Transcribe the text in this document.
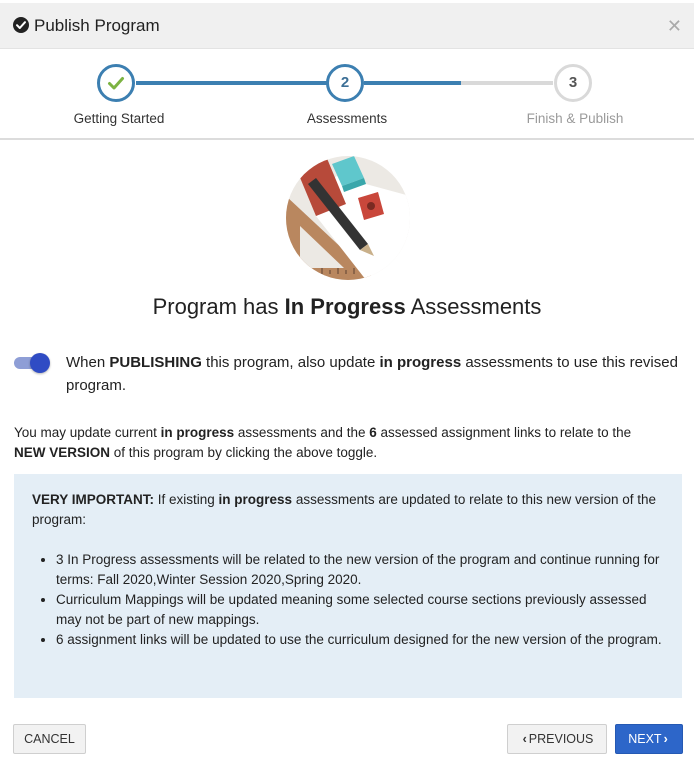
Publish Program	✕
2	3
Getting Started	Assessments	Finish & Publish
Program has In Progress Assessments
When PUBLISHING this program, also update in progress assessments to use this revised
program.
You may update current in progress assessments and the 6 assessed assignment links to relate to the
NEW VERSION of this program by clicking the above toggle.

VERY IMPORTANT: If existing in progress assessments are updated to relate to this new version of the program:

• 3 In Progress assessments will be related to the new version of the program and continue running for terms: Fall 2020,Winter Session 2020,Spring 2020.
• Curriculum Mappings will be updated meaning some selected course sections previously assessed may not be part of new mappings.
• 6 assignment links will be updated to use the curriculum designed for the new version of the program.
CANCEL	‹ PREVIOUS	NEXT ›
